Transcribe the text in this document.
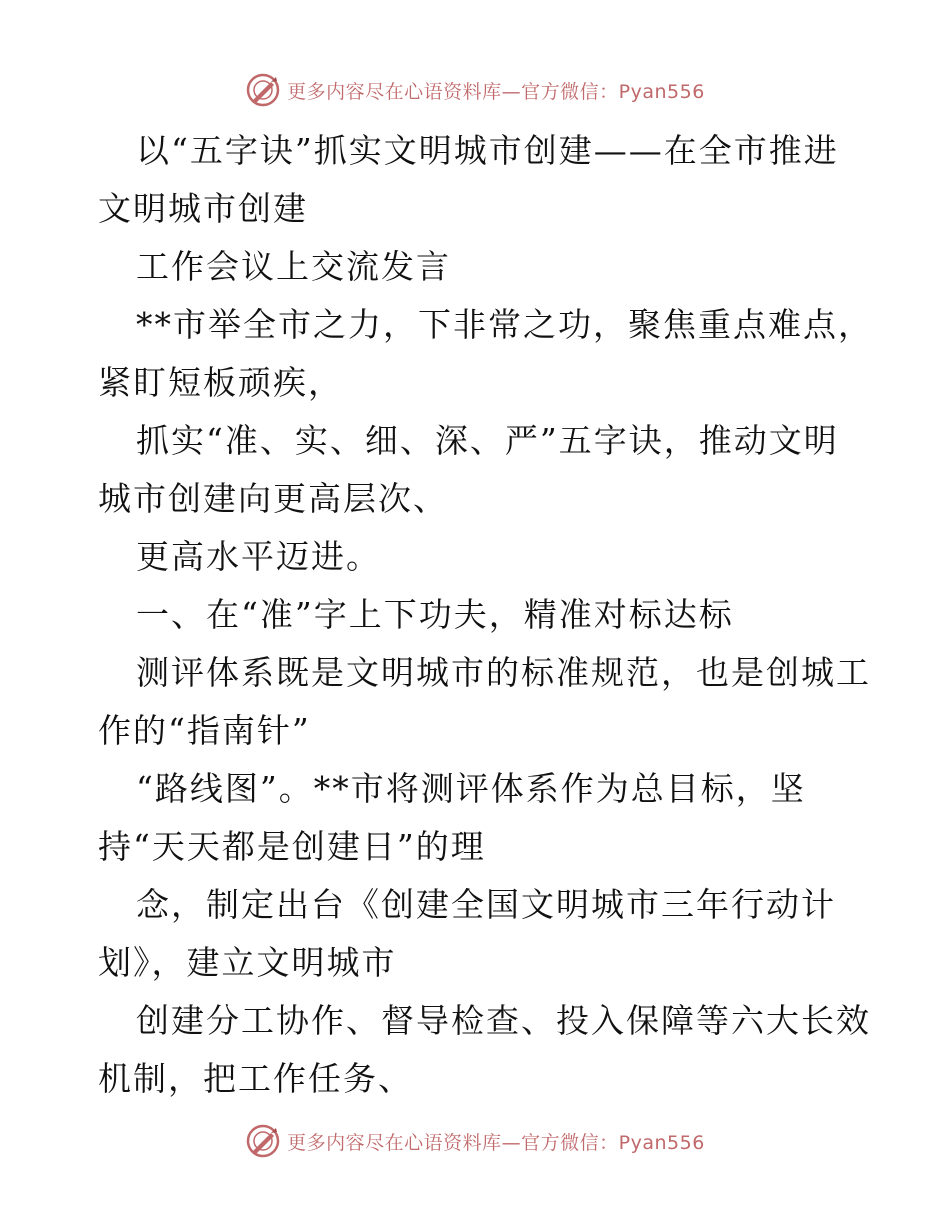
更多内容尽在心语资料库—官方微信：Pyan556
以“五字诀”抓实文明城市创建——在全市推进
文明城市创建
工作会议上交流发言
**市举全市之力，下非常之功，聚焦重点难点，
紧盯短板顽疾，
抓实“准、实、细、深、严”五字诀，推动文明
城市创建向更高层次、
更高水平迈进。
一、在“准”字上下功夫，精准对标达标
测评体系既是文明城市的标准规范，也是创城工
作的“指南针”
“路线图”。**市将测评体系作为总目标，坚
持“天天都是创建日”的理
念，制定出台《创建全国文明城市三年行动计
划》，建立文明城市
创建分工协作、督导检查、投入保障等六大长效
机制，把工作任务、
更多内容尽在心语资料库—官方微信：Pyan556
